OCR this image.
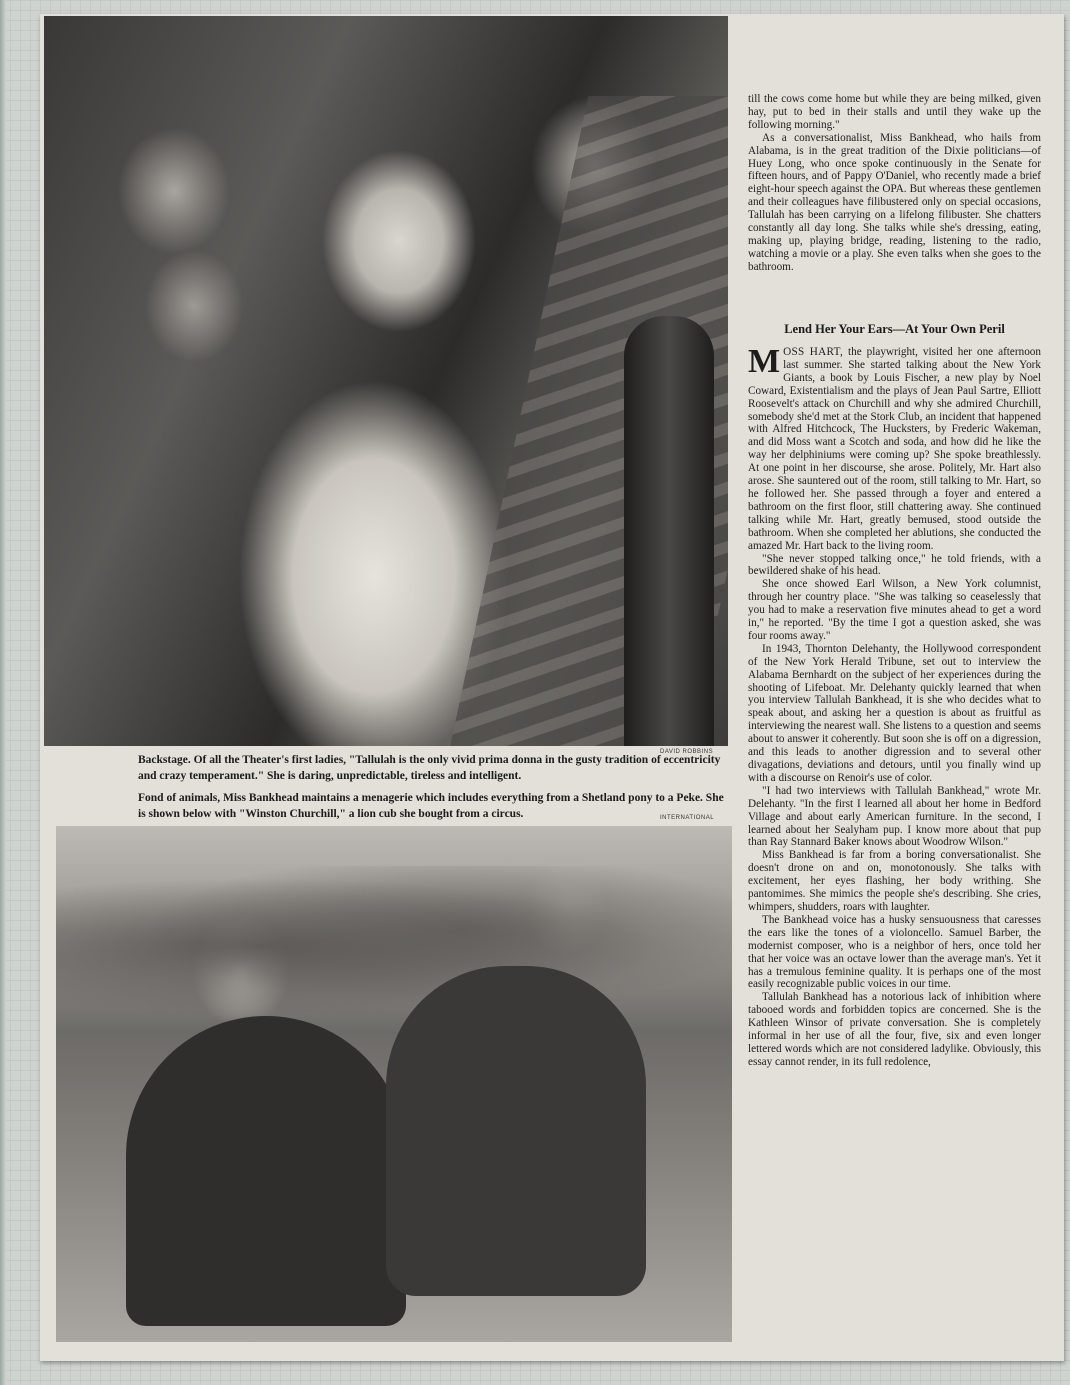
DAVID ROBBINS
Backstage. Of all the Theater's first ladies, "Tallulah is the only vivid prima donna in the gusty tradition of eccentricity and crazy temperament." She is daring, unpredictable, tireless and intelligent.
Fond of animals, Miss Bankhead maintains a menagerie which includes everything from a Shetland pony to a Peke. She is shown below with "Winston Churchill," a lion cub she bought from a circus.	INTERNATIONAL

till the cows come home but while they are being milked, given hay, put to bed in their stalls and until they wake up the following morning."

As a conversationalist, Miss Bankhead, who hails from Alabama, is in the great tradition of the Dixie politicians—of Huey Long, who once spoke continuously in the Senate for fifteen hours, and of Pappy O'Daniel, who recently made a brief eight-hour speech against the OPA. But whereas these gentlemen and their colleagues have filibustered only on special occasions, Tallulah has been carrying on a lifelong filibuster. She chatters constantly all day long. She talks while she's dressing, eating, making up, playing bridge, reading, listening to the radio, watching a movie or a play. She even talks when she goes to the bathroom.

Lend Her Your Ears—At Your Own Peril

MOSS HART, the playwright, visited her one afternoon last summer. She started talking about the New York Giants, a book by Louis Fischer, a new play by Noel Coward, Existentialism and the plays of Jean Paul Sartre, Elliott Roosevelt's attack on Churchill and why she admired Churchill, somebody she'd met at the Stork Club, an incident that happened with Alfred Hitchcock, The Hucksters, by Frederic Wakeman, and did Moss want a Scotch and soda, and how did he like the way her delphiniums were coming up? She spoke breathlessly. At one point in her discourse, she arose. Politely, Mr. Hart also arose. She sauntered out of the room, still talking to Mr. Hart, so he followed her. She passed through a foyer and entered a bathroom on the first floor, still chattering away. She continued talking while Mr. Hart, greatly bemused, stood outside the bathroom. When she completed her ablutions, she conducted the amazed Mr. Hart back to the living room.

"She never stopped talking once," he told friends, with a bewildered shake of his head.

She once showed Earl Wilson, a New York columnist, through her country place. "She was talking so ceaselessly that you had to make a reservation five minutes ahead to get a word in," he reported. "By the time I got a question asked, she was four rooms away."

In 1943, Thornton Delehanty, the Hollywood correspondent of the New York Herald Tribune, set out to interview the Alabama Bernhardt on the subject of her experiences during the shooting of Lifeboat. Mr. Delehanty quickly learned that when you interview Tallulah Bankhead, it is she who decides what to speak about, and asking her a question is about as fruitful as interviewing the nearest wall. She listens to a question and seems about to answer it coherently. But soon she is off on a digression, and this leads to another digression and to several other divagations, deviations and detours, until you finally wind up with a discourse on Renoir's use of color.

"I had two interviews with Tallulah Bankhead," wrote Mr. Delehanty. "In the first I learned all about her home in Bedford Village and about early American furniture. In the second, I learned about her Sealyham pup. I know more about that pup than Ray Stannard Baker knows about Woodrow Wilson."

Miss Bankhead is far from a boring conversationalist. She doesn't drone on and on, monotonously. She talks with excitement, her eyes flashing, her body writhing. She pantomimes. She mimics the people she's describing. She cries, whimpers, shudders, roars with laughter.

The Bankhead voice has a husky sensuousness that caresses the ears like the tones of a violoncello. Samuel Barber, the modernist composer, who is a neighbor of hers, once told her that her voice was an octave lower than the average man's. Yet it has a tremulous feminine quality. It is perhaps one of the most easily recognizable public voices in our time.

Tallulah Bankhead has a notorious lack of inhibition where tabooed words and forbidden topics are concerned. She is the Kathleen Winsor of private conversation. She is completely informal in her use of all the four, five, six and even longer lettered words which are not considered ladylike. Obviously, this essay cannot render, in its full redolence,
